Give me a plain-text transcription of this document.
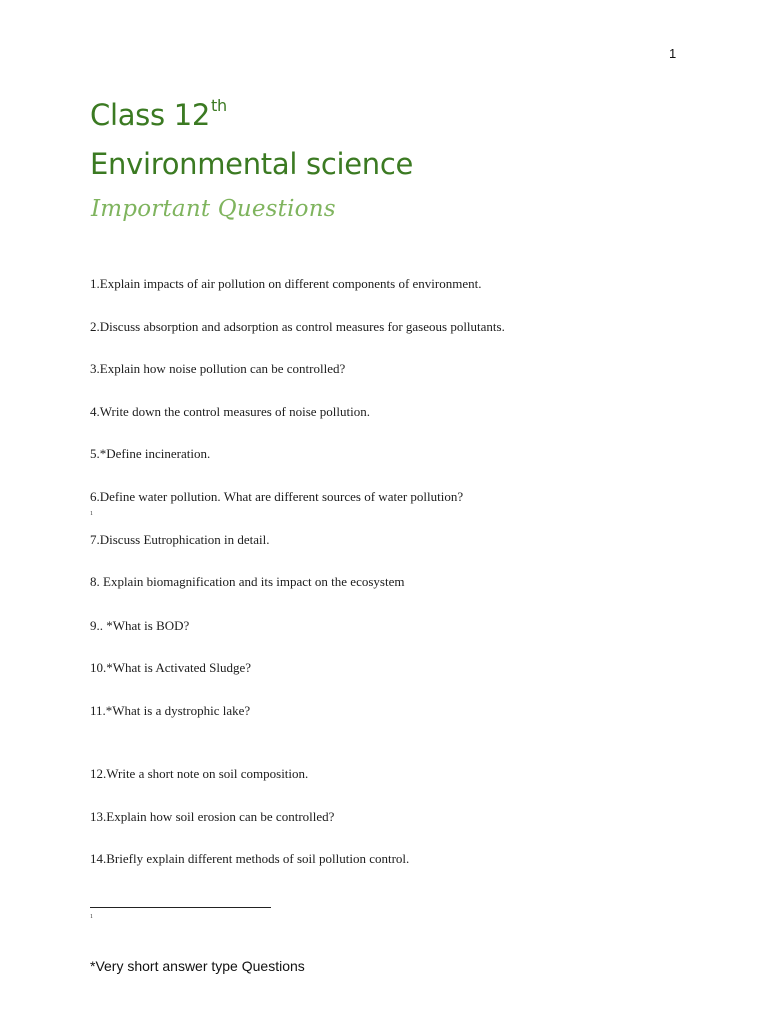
1
Class 12th
Environmental science
Important Questions
1.Explain impacts of air pollution on different components of environment.
2.Discuss absorption and adsorption as control measures for gaseous pollutants.
3.Explain how noise pollution can be controlled?
4.Write down the control measures of noise pollution.
5.*Define incineration.
6.Define water pollution. What are different sources of water pollution?
1
7.Discuss Eutrophication in detail.
8. Explain biomagnification and its impact on the ecosystem
9.. *What is BOD?
10.*What is Activated Sludge?
11.*What is a dystrophic lake?
12.Write a short note on soil composition.
13.Explain how soil erosion can be controlled?
14.Briefly explain different methods of soil pollution control.
1
*Very short answer type Questions
